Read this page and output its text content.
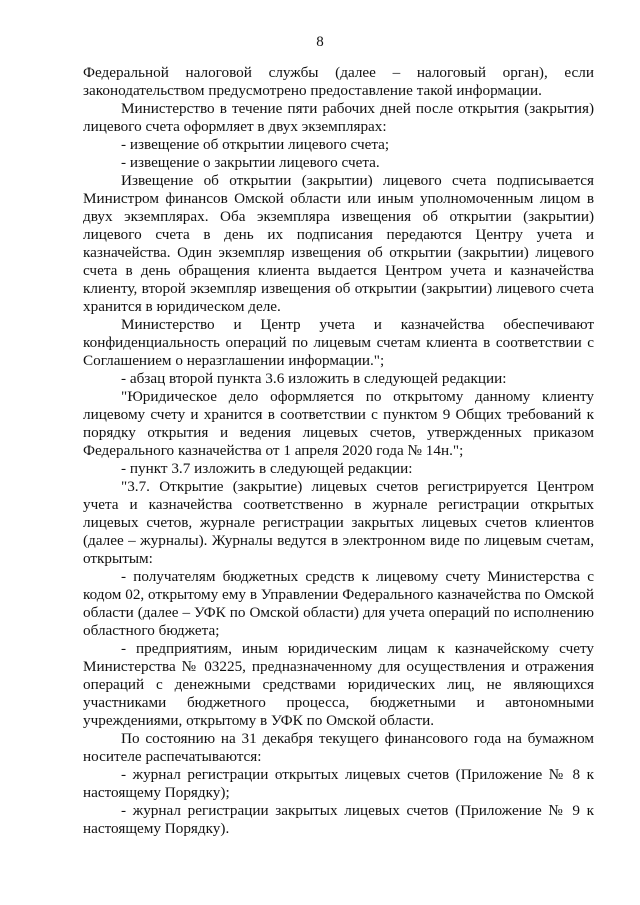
8

Федеральной налоговой службы (далее – налоговый орган), если законодательством предусмотрено предоставление такой информации.

Министерство в течение пяти рабочих дней после открытия (закрытия) лицевого счета оформляет в двух экземплярах:

- извещение об открытии лицевого счета;

- извещение о закрытии лицевого счета.

Извещение об открытии (закрытии) лицевого счета подписывается Министром финансов Омской области или иным уполномоченным лицом в двух экземплярах. Оба экземпляра извещения об открытии (закрытии) лицевого счета в день их подписания передаются Центру учета и казначейства. Один экземпляр извещения об открытии (закрытии) лицевого счета в день обращения клиента выдается Центром учета и казначейства клиенту, второй экземпляр извещения об открытии (закрытии) лицевого счета хранится в юридическом деле.

Министерство и Центр учета и казначейства обеспечивают конфиденциальность операций по лицевым счетам клиента в соответствии с Соглашением о неразглашении информации.";

- абзац второй пункта 3.6 изложить в следующей редакции:

"Юридическое дело оформляется по открытому данному клиенту лицевому счету и хранится в соответствии с пунктом 9 Общих требований к порядку открытия и ведения лицевых счетов, утвержденных приказом Федерального казначейства от 1 апреля 2020 года № 14н.";

- пункт 3.7 изложить в следующей редакции:

"3.7. Открытие (закрытие) лицевых счетов регистрируется Центром учета и казначейства соответственно в журнале регистрации открытых лицевых счетов, журнале регистрации закрытых лицевых счетов клиентов (далее – журналы). Журналы ведутся в электронном виде по лицевым счетам, открытым:

- получателям бюджетных средств к лицевому счету Министерства с кодом 02, открытому ему в Управлении Федерального казначейства по Омской области (далее – УФК по Омской области) для учета операций по исполнению областного бюджета;

- предприятиям, иным юридическим лицам к казначейскому счету Министерства № 03225, предназначенному для осуществления и отражения операций с денежными средствами юридических лиц, не являющихся участниками бюджетного процесса, бюджетными и автономными учреждениями, открытому в УФК по Омской области.

По состоянию на 31 декабря текущего финансового года на бумажном носителе распечатываются:

- журнал регистрации открытых лицевых счетов (Приложение № 8 к настоящему Порядку);

- журнал регистрации закрытых лицевых счетов (Приложение № 9 к настоящему Порядку).
